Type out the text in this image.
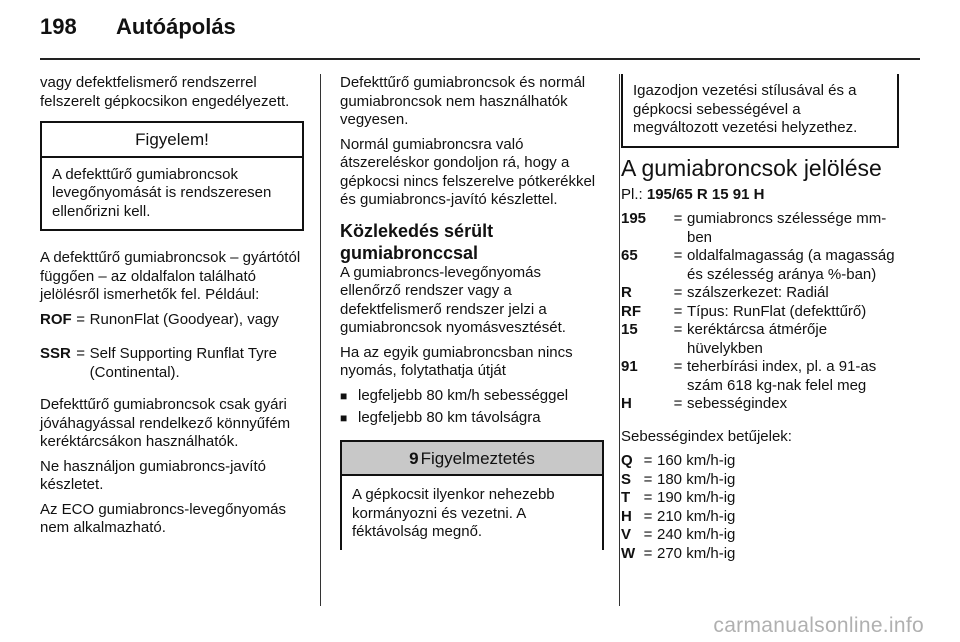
198 Autóápolás

vagy defektfelismerő rendszerrel felszerelt gépkocsikon engedélyezett.

Figyelem!
A defekttűrő gumiabroncsok levegőnyomását is rendszeresen ellenőrizni kell.

A defekttűrő gumiabroncsok – gyártótól függően – az oldalfalon található jelölésről ismerhetők fel. Például:

ROF = RunonFlat (Goodyear), vagy
SSR = Self Supporting Runflat Tyre (Continental).

Defekttűrő gumiabroncsok csak gyári jóváhagyással rendelkező könnyűfém keréktárcsákon használhatók.

Ne használjon gumiabroncs-javító készletet.

Az ECO gumiabroncs-levegőnyomás nem alkalmazható.

Defekttűrő gumiabroncsok és normál gumiabroncsok nem használhatók vegyesen.

Normál gumiabroncsra való átszereléskor gondoljon rá, hogy a gépkocsi nincs felszerelve pótkerékkel és gumiabroncs-javító készlettel.

Közlekedés sérült gumiabronccsal

A gumiabroncs-levegőnyomás ellenőrző rendszer vagy a defektfelismerő rendszer jelzi a gumiabroncsok nyomásvesztését.

Ha az egyik gumiabroncsban nincs nyomás, folytathatja útját

■ legfeljebb 80 km/h sebességgel
■ legfeljebb 80 km távolságra
9 Figyelmeztetés
A gépkocsit ilyenkor nehezebb kormányozni és vezetni. A féktávolság megnő.
Igazodjon vezetési stílusával és a gépkocsi sebességével a megváltozott vezetési helyzethez.
A gumiabroncsok jelölése

Pl.: 195/65 R 15 91 H

195	= gumiabroncs szélessége mm-ben
65	= oldalfalmagasság (a magasság és szélesség aránya %-ban)
R	= szálszerkezet: Radiál
RF	= Típus: RunFlat (defekttűrő)
15	= keréktárcsa átmérője hüvelykben
91	= teherbírási index, pl. a 91-as szám 618 kg-nak felel meg
H	= sebességindex

Sebességindex betűjelek:

Q = 160 km/h-ig
S = 180 km/h-ig
T = 190 km/h-ig
H = 210 km/h-ig
V = 240 km/h-ig
W = 270 km/h-ig
carmanualsonline.info
